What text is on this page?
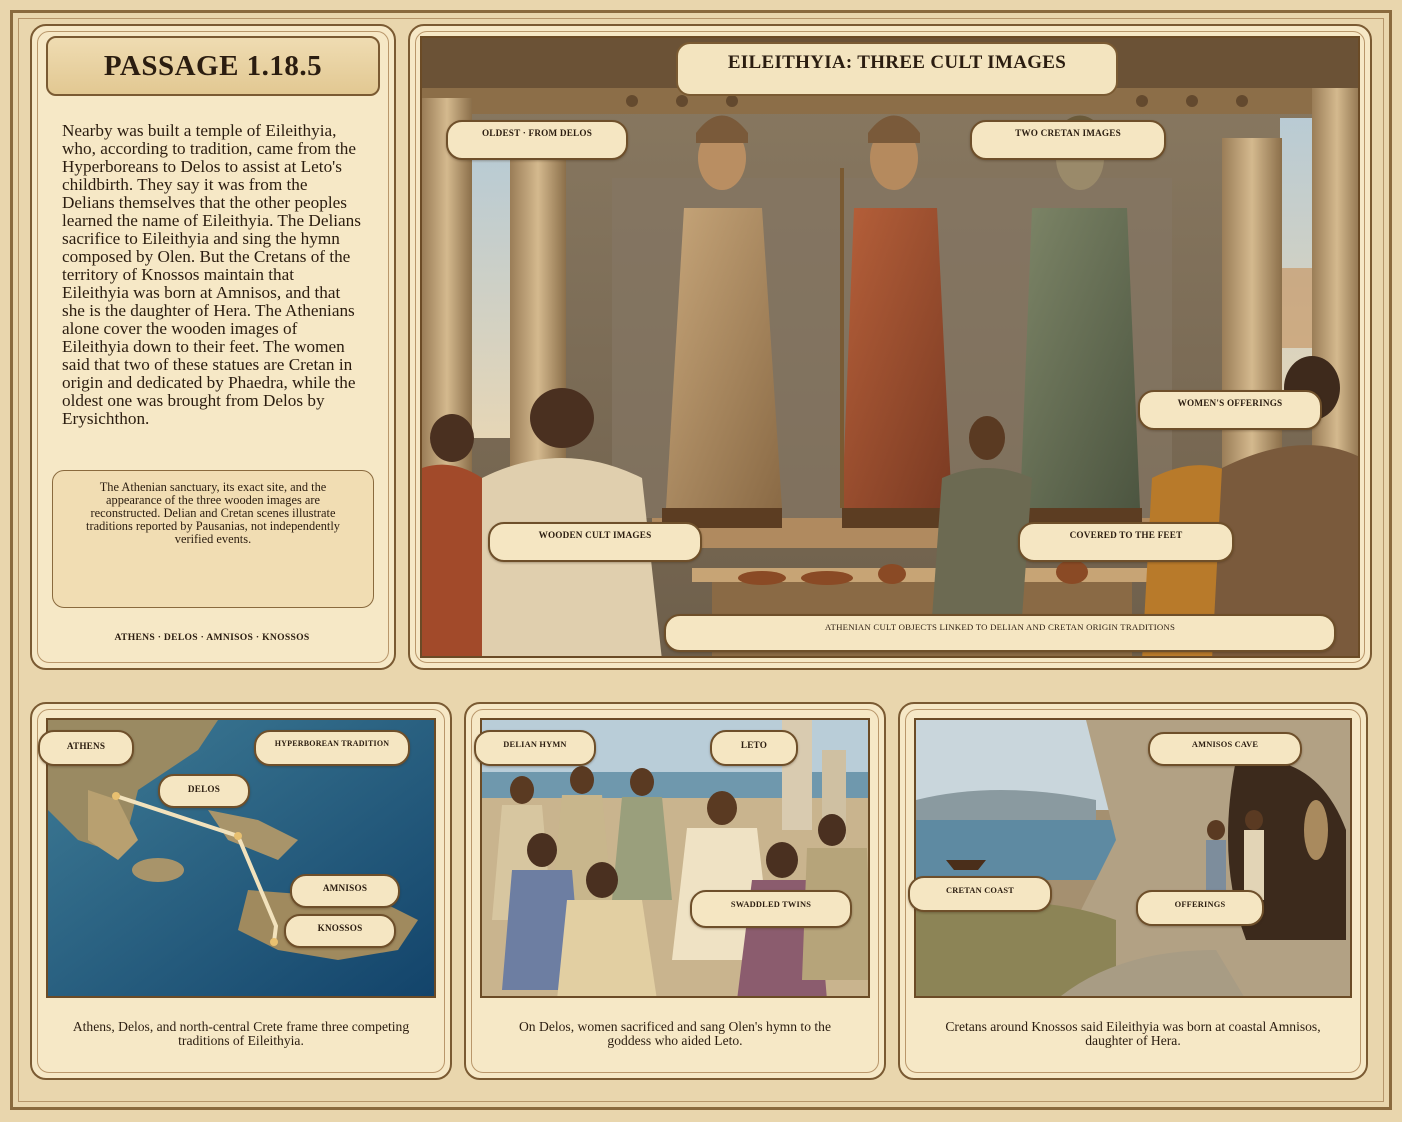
PASSAGE 1.18.5

Nearby was built a temple of Eileithyia, who, according to tradition, came from the Hyperboreans to Delos to assist at Leto's childbirth. They say it was from the Delians themselves that the other peoples learned the name of Eileithyia. The Delians sacrifice to Eileithyia and sing the hymn composed by Olen. But the Cretans of the territory of Knossos maintain that Eileithyia was born at Amnisos, and that she is the daughter of Hera. The Athenians alone cover the wooden images of Eileithyia down to their feet. The women said that two of these statues are Cretan in origin and dedicated by Phaedra, while the oldest one was brought from Delos by Erysichthon.

The Athenian sanctuary, its exact site, and the appearance of the three wooden images are reconstructed. Delian and Cretan scenes illustrate traditions reported by Pausanias, not independently verified events.
ATHENS · DELOS · AMNISOS · KNOSSOS
EILEITHYIA: THREE CULT IMAGES
OLDEST · FROM DELOS	TWO CRETAN IMAGES
WOMEN'S OFFERINGS
WOODEN CULT IMAGES	COVERED TO THE FEET
ATHENIAN CULT OBJECTS LINKED TO DELIAN AND CRETAN ORIGIN TRADITIONS
ATHENS	HYPERBOREAN TRADITION
DELOS
AMNISOS
KNOSSOS
Athens, Delos, and north-central Crete frame three competing traditions of Eileithyia.
DELIAN HYMN	LETO
SWADDLED TWINS
On Delos, women sacrificed and sang Olen's hymn to the goddess who aided Leto.
AMNISOS CAVE
CRETAN COAST
OFFERINGS
Cretans around Knossos said Eileithyia was born at coastal Amnisos, daughter of Hera.
